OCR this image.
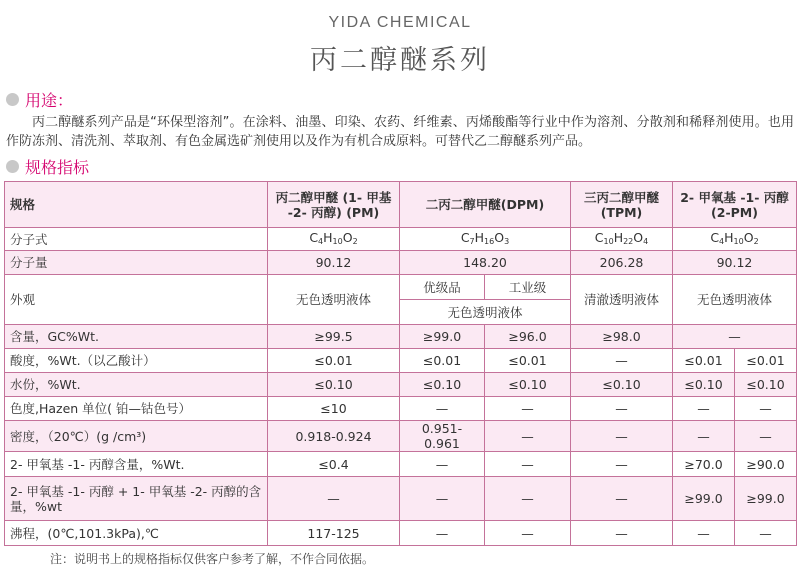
YIDA CHEMICAL
丙二醇醚系列
用途：
丙二醇醚系列产品是“环保型溶剂”。在涂料、油墨、印染、农药、纤维素、丙烯酸酯等行业中作为溶剂、分散剂和稀释剂使用。也用作防冻剂、清洗剂、萃取剂、有色金属选矿剂使用以及作为有机合成原料。可替代乙二醇醚系列产品。
规格指标
规格	丙二醇甲醚 (1- 甲基 -2- 丙醇) (PM)	二丙二醇甲醚(DPM)		三丙二醇甲醚 (TPM)	2- 甲氧基 -1- 丙醇 (2-PM)	
分子式	$C_4H_{10}O_2$	$C_7H_{16}O_3$		$C_{10}H_{22}O_4$	$C_4H_{10}O_2$
分子量	90.12	148.20		206.28	90.12	
外观	无色透明液体	优级品	工业级	清澈透明液体	无色透明液体	
		无色透明液体				
含量，GC%Wt.	≥99.5	≥99.0	≥96.0	≥98.0	—	
酸度，%Wt.（以乙酸计）	≤0.01	≤0.01	≤0.01	—	≤0.01	≤0.01
水份，%Wt.	≤0.10	≤0.10	≤0.10	≤0.10	≤0.10	≤0.10
色度,Hazen 单位( 铂—钴色号）	≤10	—	—	—	—	—
密度，（20℃）(g /cm³)	0.918-0.924	0.951-0.961	—	—	—	—
2- 甲氧基 -1- 丙醇含量，%Wt.	≤0.4	—	—	—	≥70.0	≥90.0
2- 甲氧基 -1- 丙醇 + 1- 甲氧基 -2- 丙醇的含量，%wt	—	—	—	—	≥99.0	≥99.0
沸程，(0℃,101.3kPa),℃	117-125	—	—	—	—	—
注：说明书上的规格指标仅供客户参考了解，不作合同依据。
